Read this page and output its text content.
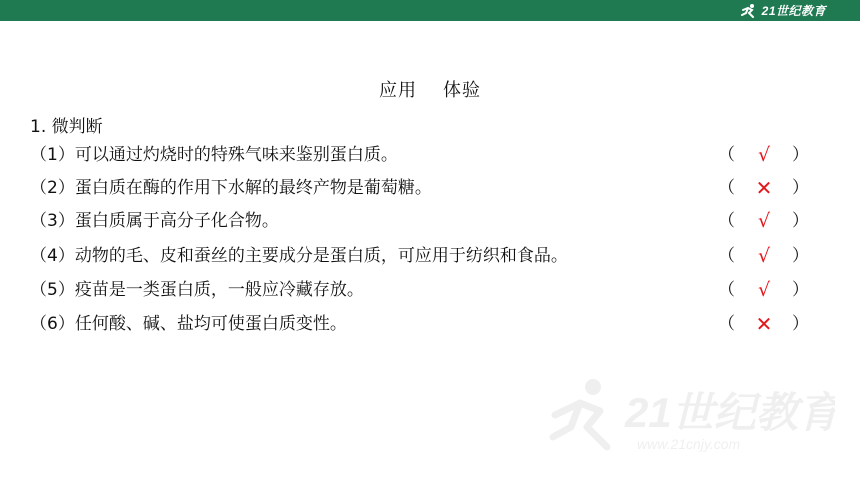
21世纪教育
应用 体验
1. 微判断
（1）可以通过灼烧时的特殊气味来鉴别蛋白质。	（	√	）
（2）蛋白质在酶的作用下水解的最终产物是葡萄糖。	（ ✕ ）
（3）蛋白质属于高分子化合物。	（	√	）
（4）动物的毛、皮和蚕丝的主要成分是蛋白质，可应用于纺织和食品。	（	√	）
（5）疫苗是一类蛋白质，一般应冷藏存放。	（	√	）
（6）任何酸、碱、盐均可使蛋白质变性。	（ ✕ ）
21世纪教育
www.21cnjy.com
